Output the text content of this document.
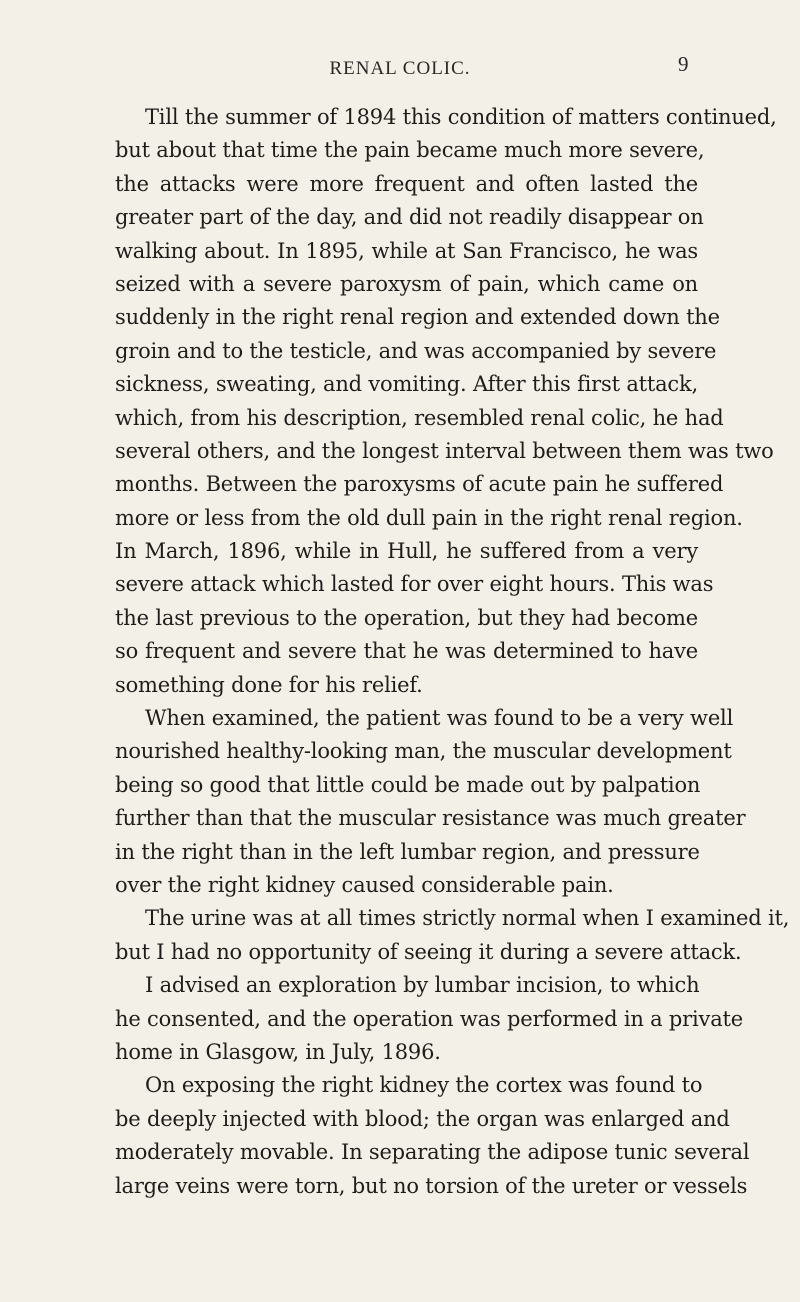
RENAL COLIC.	9
Till the summer of 1894 this condition of matters continued,
but about that time the pain became much more severe,
the attacks were more frequent and often lasted the
greater part of the day, and did not readily disappear on
walking about. In 1895, while at San Francisco, he was
seized with a severe paroxysm of pain, which came on
suddenly in the right renal region and extended down the
groin and to the testicle, and was accompanied by severe
sickness, sweating, and vomiting. After this first attack,
which, from his description, resembled renal colic, he had
several others, and the longest interval between them was two
months. Between the paroxysms of acute pain he suffered
more or less from the old dull pain in the right renal region.
In March, 1896, while in Hull, he suffered from a very
severe attack which lasted for over eight hours. This was
the last previous to the operation, but they had become
so frequent and severe that he was determined to have
something done for his relief.
When examined, the patient was found to be a very well
nourished healthy-looking man, the muscular development
being so good that little could be made out by palpation
further than that the muscular resistance was much greater
in the right than in the left lumbar region, and pressure
over the right kidney caused considerable pain.
The urine was at all times strictly normal when I examined it,
but I had no opportunity of seeing it during a severe attack.
I advised an exploration by lumbar incision, to which
he consented, and the operation was performed in a private
home in Glasgow, in July, 1896.
On exposing the right kidney the cortex was found to
be deeply injected with blood; the organ was enlarged and
moderately movable. In separating the adipose tunic several
large veins were torn, but no torsion of the ureter or vessels
